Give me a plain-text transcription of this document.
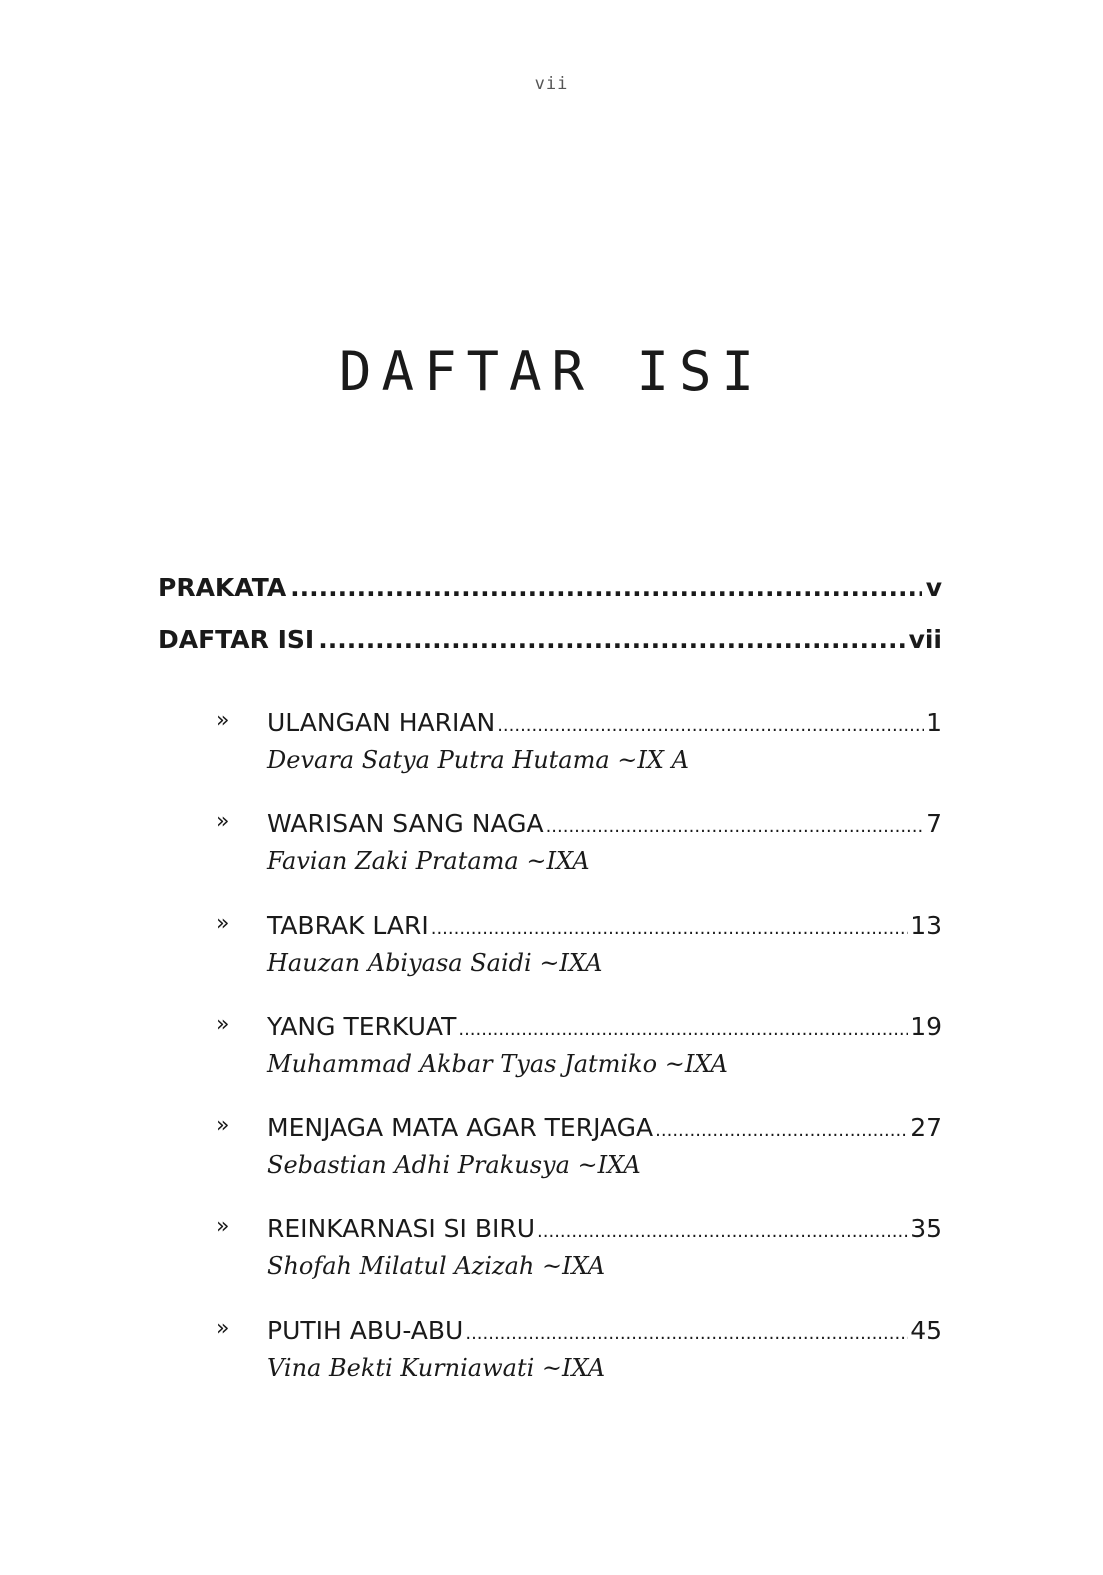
vii
DAFTAR ISI
PRAKATA .....	v
DAFTAR ISI .....	vii
» ULANGAN HARIAN .....	1
Devara Satya Putra Hutama ~IX A
» WARISAN SANG NAGA .....	7
Favian Zaki Pratama ~IXA
» TABRAK LARI .....	13
Hauzan Abiyasa Saidi ~IXA
» YANG TERKUAT .....	19
Muhammad Akbar Tyas Jatmiko ~IXA
» MENJAGA MATA AGAR TERJAGA .....	27
Sebastian Adhi Prakusya ~IXA
» REINKARNASI SI BIRU .....	35
Shofah Milatul Azizah ~IXA
» PUTIH ABU-ABU .....	45
Vina Bekti Kurniawati ~IXA
